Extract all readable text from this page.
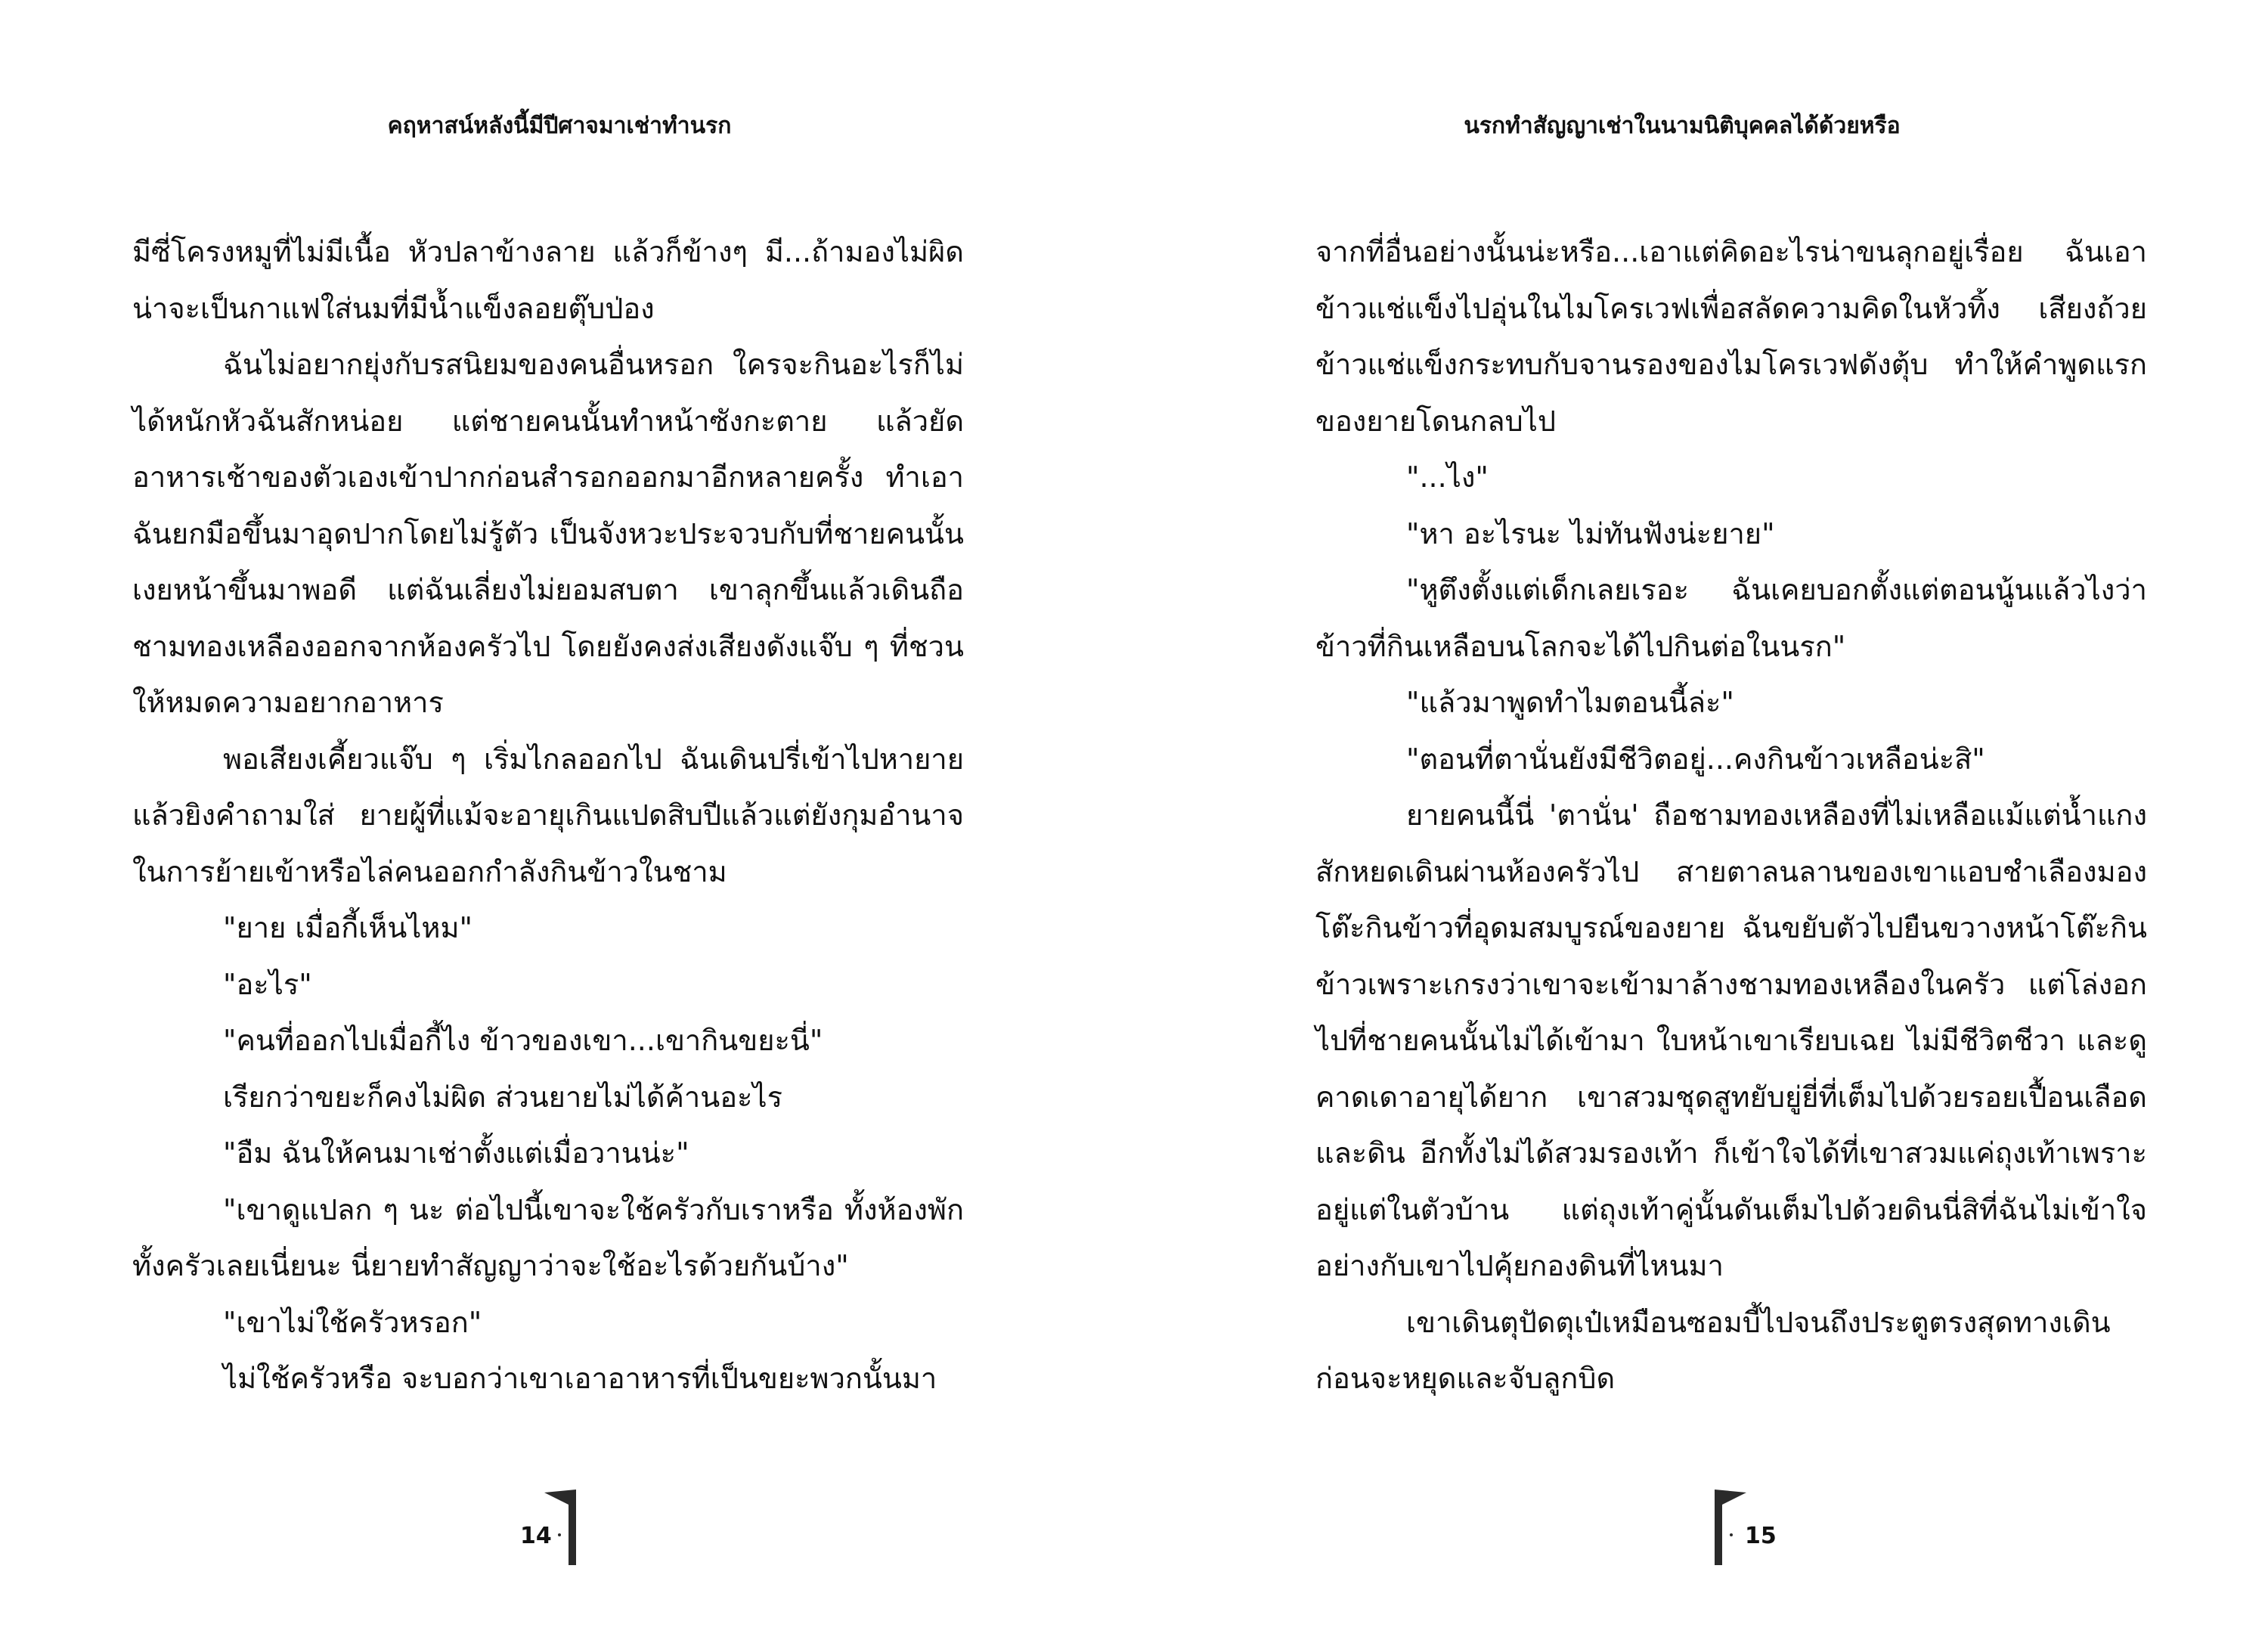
คฤหาสน์หลังนี้มีปีศาจมาเช่าทำนรก

มีซี่โครงหมูที่ไม่มีเนื้อ หัวปลาข้างลาย แล้วก็ข้างๆ มี...ถ้ามองไม่ผิดน่าจะเป็นกาแฟใส่นมที่มีน้ำแข็งลอยตุ๊บป่อง

ฉันไม่อยากยุ่งกับรสนิยมของคนอื่นหรอก ใครจะกินอะไรก็ไม่ได้หนักหัวฉันสักหน่อย แต่ชายคนนั้นทำหน้าซังกะตาย แล้วยัดอาหารเช้าของตัวเองเข้าปากก่อนสำรอกออกมาอีกหลายครั้ง ทำเอาฉันยกมือขึ้นมาอุดปากโดยไม่รู้ตัว เป็นจังหวะประจวบกับที่ชายคนนั้นเงยหน้าขึ้นมาพอดี แต่ฉันเลี่ยงไม่ยอมสบตา เขาลุกขึ้นแล้วเดินถือชามทองเหลืองออกจากห้องครัวไป โดยยังคงส่งเสียงดังแจ๊บ ๆ ที่ชวนให้หมดความอยากอาหาร

พอเสียงเคี้ยวแจ๊บ ๆ เริ่มไกลออกไป ฉันเดินปรี่เข้าไปหายายแล้วยิงคำถามใส่ ยายผู้ที่แม้จะอายุเกินแปดสิบปีแล้วแต่ยังกุมอำนาจในการย้ายเข้าหรือไล่คนออกกำลังกินข้าวในชาม

"ยาย เมื่อกี้เห็นไหม"

"อะไร"

"คนที่ออกไปเมื่อกี้ไง ข้าวของเขา...เขากินขยะนี่"

เรียกว่าขยะก็คงไม่ผิด ส่วนยายไม่ได้ค้านอะไร

"อืม ฉันให้คนมาเช่าตั้งแต่เมื่อวานน่ะ"

"เขาดูแปลก ๆ นะ ต่อไปนี้เขาจะใช้ครัวกับเราหรือ ทั้งห้องพักทั้งครัวเลยเนี่ยนะ นี่ยายทำสัญญาว่าจะใช้อะไรด้วยกันบ้าง"

"เขาไม่ใช้ครัวหรอก"

ไม่ใช้ครัวหรือ จะบอกว่าเขาเอาอาหารที่เป็นขยะพวกนั้นมา

14
นรกทำสัญญาเช่าในนามนิติบุคคลได้ด้วยหรือ

จากที่อื่นอย่างนั้นน่ะหรือ...เอาแต่คิดอะไรน่าขนลุกอยู่เรื่อย ฉันเอาข้าวแช่แข็งไปอุ่นในไมโครเวฟเพื่อสลัดความคิดในหัวทิ้ง เสียงถ้วยข้าวแช่แข็งกระทบกับจานรองของไมโครเวฟดังตุ้บ ทำให้คำพูดแรกของยายโดนกลบไป

"...ไง"

"หา อะไรนะ ไม่ทันฟังน่ะยาย"

"หูตึงตั้งแต่เด็กเลยเรอะ ฉันเคยบอกตั้งแต่ตอนนู้นแล้วไงว่าข้าวที่กินเหลือบนโลกจะได้ไปกินต่อในนรก"

"แล้วมาพูดทำไมตอนนี้ล่ะ"

"ตอนที่ตานั่นยังมีชีวิตอยู่...คงกินข้าวเหลือน่ะสิ"

ยายคนนี้นี่ 'ตานั่น' ถือชามทองเหลืองที่ไม่เหลือแม้แต่น้ำแกงสักหยดเดินผ่านห้องครัวไป สายตาลนลานของเขาแอบชำเลืองมองโต๊ะกินข้าวที่อุดมสมบูรณ์ของยาย ฉันขยับตัวไปยืนขวางหน้าโต๊ะกินข้าวเพราะเกรงว่าเขาจะเข้ามาล้างชามทองเหลืองในครัว แต่โล่งอกไปที่ชายคนนั้นไม่ได้เข้ามา ใบหน้าเขาเรียบเฉย ไม่มีชีวิตชีวา และดูคาดเดาอายุได้ยาก เขาสวมชุดสูทยับยู่ยี่ที่เต็มไปด้วยรอยเปื้อนเลือดและดิน อีกทั้งไม่ได้สวมรองเท้า ก็เข้าใจได้ที่เขาสวมแค่ถุงเท้าเพราะอยู่แต่ในตัวบ้าน แต่ถุงเท้าคู่นั้นดันเต็มไปด้วยดินนี่สิที่ฉันไม่เข้าใจอย่างกับเขาไปคุ้ยกองดินที่ไหนมา

เขาเดินตุปัดตุเป๋เหมือนซอมบี้ไปจนถึงประตูตรงสุดทางเดินก่อนจะหยุดและจับลูกบิด

15
